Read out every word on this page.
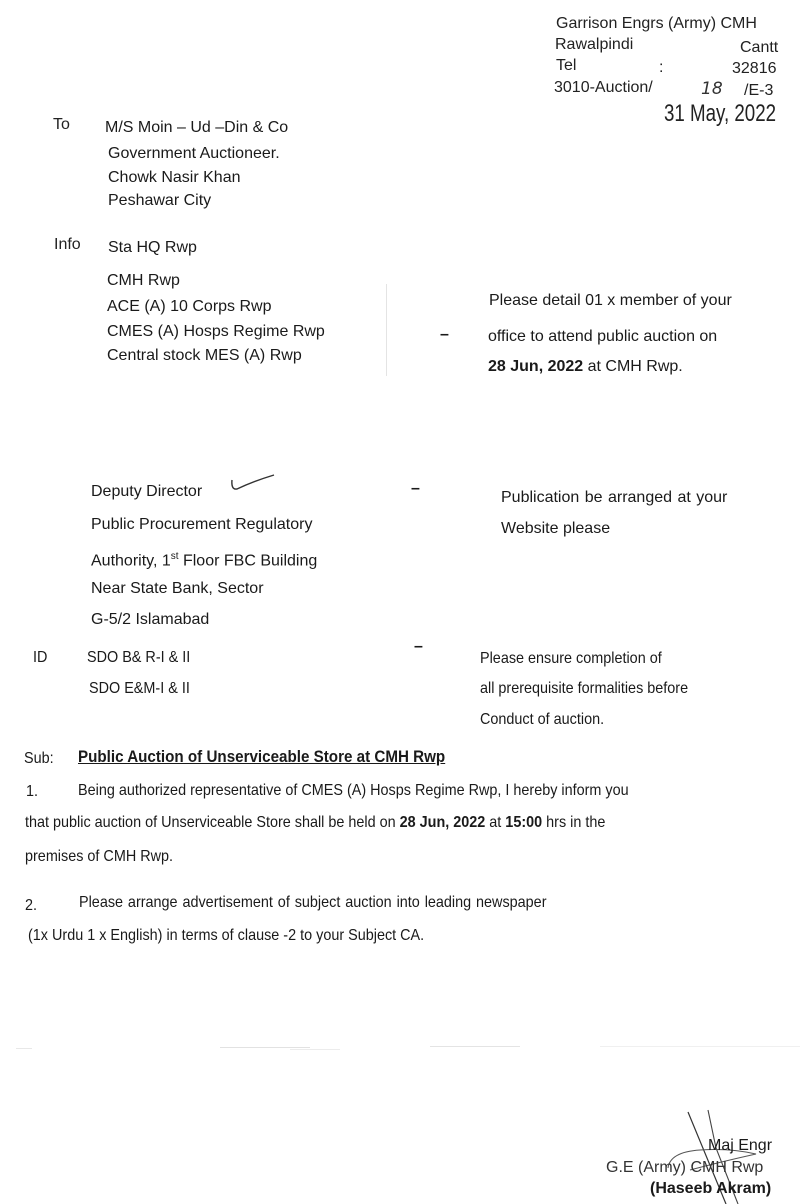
Garrison Engrs (Army) CMH
Rawalpindi	Cantt
Tel	:	32816
3010-Auction/	18 /E-3
31 May, 2022
To M/S Moin – Ud –Din & Co
Government Auctioneer.
Chowk Nasir Khan
Peshawar City
Info Sta HQ Rwp
CMH Rwp
ACE (A) 10 Corps Rwp
CMES (A) Hosps Regime Rwp
Central stock MES (A) Rwp
–
Please detail 01 x member of your
office to attend public auction on
28 Jun, 2022 at CMH Rwp.
Deputy Director
Public Procurement Regulatory
Authority, 1st Floor FBC Building
Near State Bank, Sector
G-5/2 Islamabad
–
Publication be arranged at your
Website please
ID SDO B& R-I & II
SDO E&M-I & II
–
Please ensure completion of
all prerequisite formalities before
Conduct of auction.
Sub: Public Auction of Unserviceable Store at CMH Rwp
1. Being authorized representative of CMES (A) Hosps Regime Rwp, I hereby inform you
that public auction of Unserviceable Store shall be held on 28 Jun, 2022 at 15:00 hrs in the
premises of CMH Rwp.
2.	Please arrange advertisement of subject auction into leading newspaper
(1x Urdu 1 x English) in terms of clause -2 to your Subject CA.
Maj Engr
G.E (Army) CMH Rwp
(Haseeb Akram)
